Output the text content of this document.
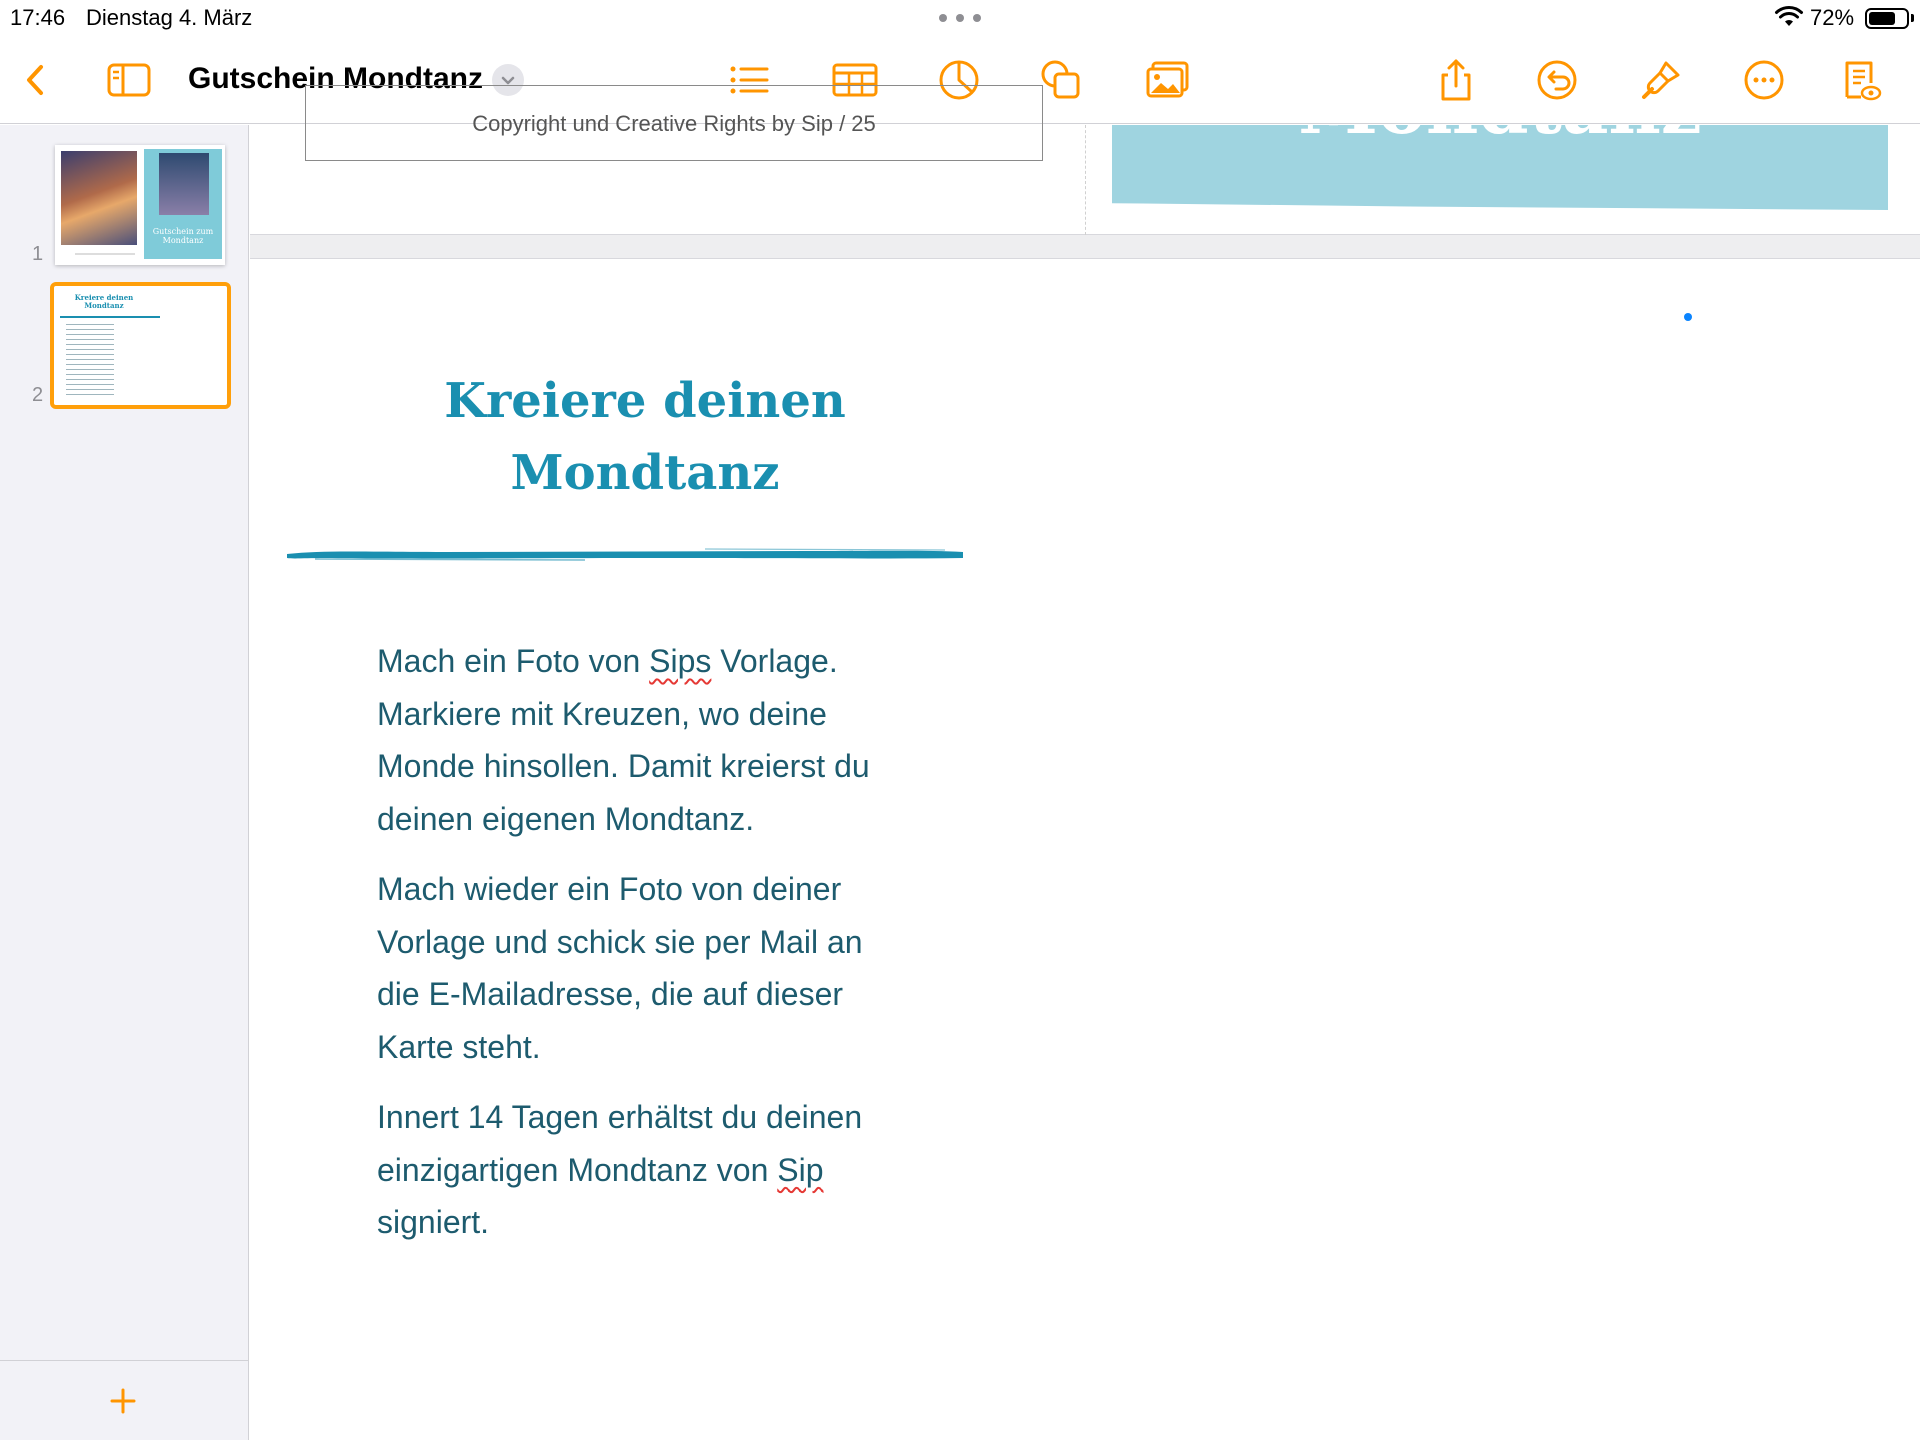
17:46 Dienstag 4. März	72%
Gutschein Mondtanz
1
Gutschein zum Mondtanz
2
Kreiere deinen Mondtanz
Copyright und Creative Rights by Sip / 25
Kreiere deinen
Mondtanz

Mach ein Foto von Sips Vorlage. Markiere mit Kreuzen, wo deine Monde hinsollen. Damit kreierst du deinen eigenen Mondtanz.

Mach wieder ein Foto von deiner Vorlage und schick sie per Mail an die E-Mailadresse, die auf dieser Karte steht.

Innert 14 Tagen erhältst du deinen einzigartigen Mondtanz von Sip signiert.
